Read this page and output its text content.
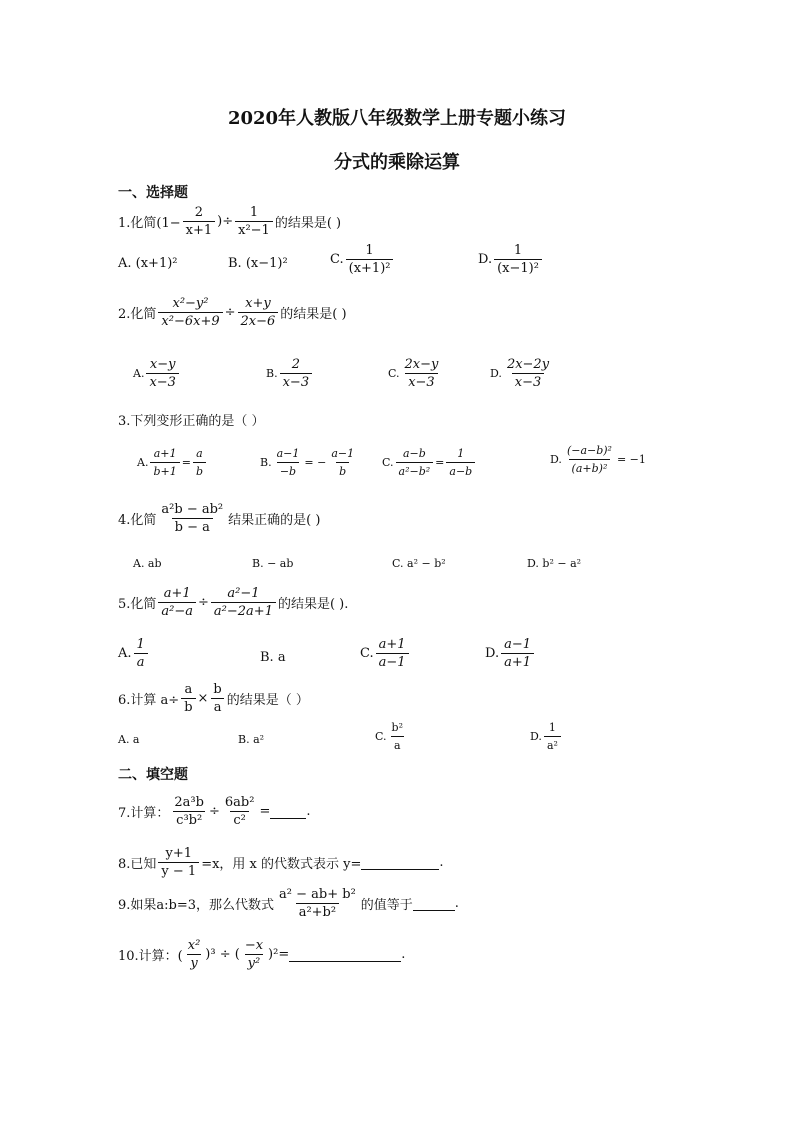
2020年人教版八年级数学上册专题小练习
分式的乘除运算
一、选择题
1.化简($1- \frac{2}{x+1}$ )÷ $\frac{1}{\text{x²−1}}$ 的结果是( )
A. (x+1)²	B. (x−1)²	C. $\frac{1}{\text{(x+1)²}}$	D. $\frac{1}{\text{(x−1)²}}$
2.化简 $\frac{\text{x²−y²}}{\text{x²−6x+9}} \div \frac{x+y}{2x-6}$ 的结果是( )
A. $\frac{x-y}{x-3}$	B. $\frac{2}{x-3}$	C. $\frac{2x-y}{x-3}$	D. $\frac{2x-2y}{x-3}$
3.下列变形正确的是（ ）
A. $\frac{a+1}{b+1} = \frac{a}{b}$	B. $\frac{a-1}{-b}$ = − $\frac{a-1}{b} C$. $\frac{a-b}{\text{a²−b²}} = \frac{1}{a-b}$	D. $\frac{\text{(−a−b)²}}{\text{(a+b)²}} = -1$
4.化简 $\frac{\text{a²b − ab²}}{b - a}$ 结果正确的是( )
A. ab	B. − ab	C. a² − b²	D. b² − a²
5.化简 $\frac{a+1}{\text{a²−a}} \div \frac{\text{a²−1}}{\text{a²−2a+1}}$ 的结果是( ).
A. $\frac{1}{a}$	B. a	C. $\frac{a+1}{a-1}$	D. $\frac{a-1}{a+1}$
6.计算 $a\div \frac{a}{b} \times \frac{b}{a}$ 的结果是（ ）
A. a	B. a²	C. $\frac{\text{b²}}{a}$	D. $\frac{1}{\text{a²}}$
二、填空题
7.计算： $\frac{\text{2a³b}}{\text{c³b²}} \div \frac{\text{6ab²}}{\text{c²}}$ =	.
8.已知 $\frac{y+1}{y - 1} =x$，用 x 的代数式表示 y=	.
9.如果a:b=3，那么代数式 $\frac{\text{a² − ab+ b²}}{\text{a²+b²}}$ 的值等于	.
10.计算：( $\frac{\text{x²}}{y} )^3$ ÷ ( $\frac{-x}{\text{y²}} )^2=$	.
